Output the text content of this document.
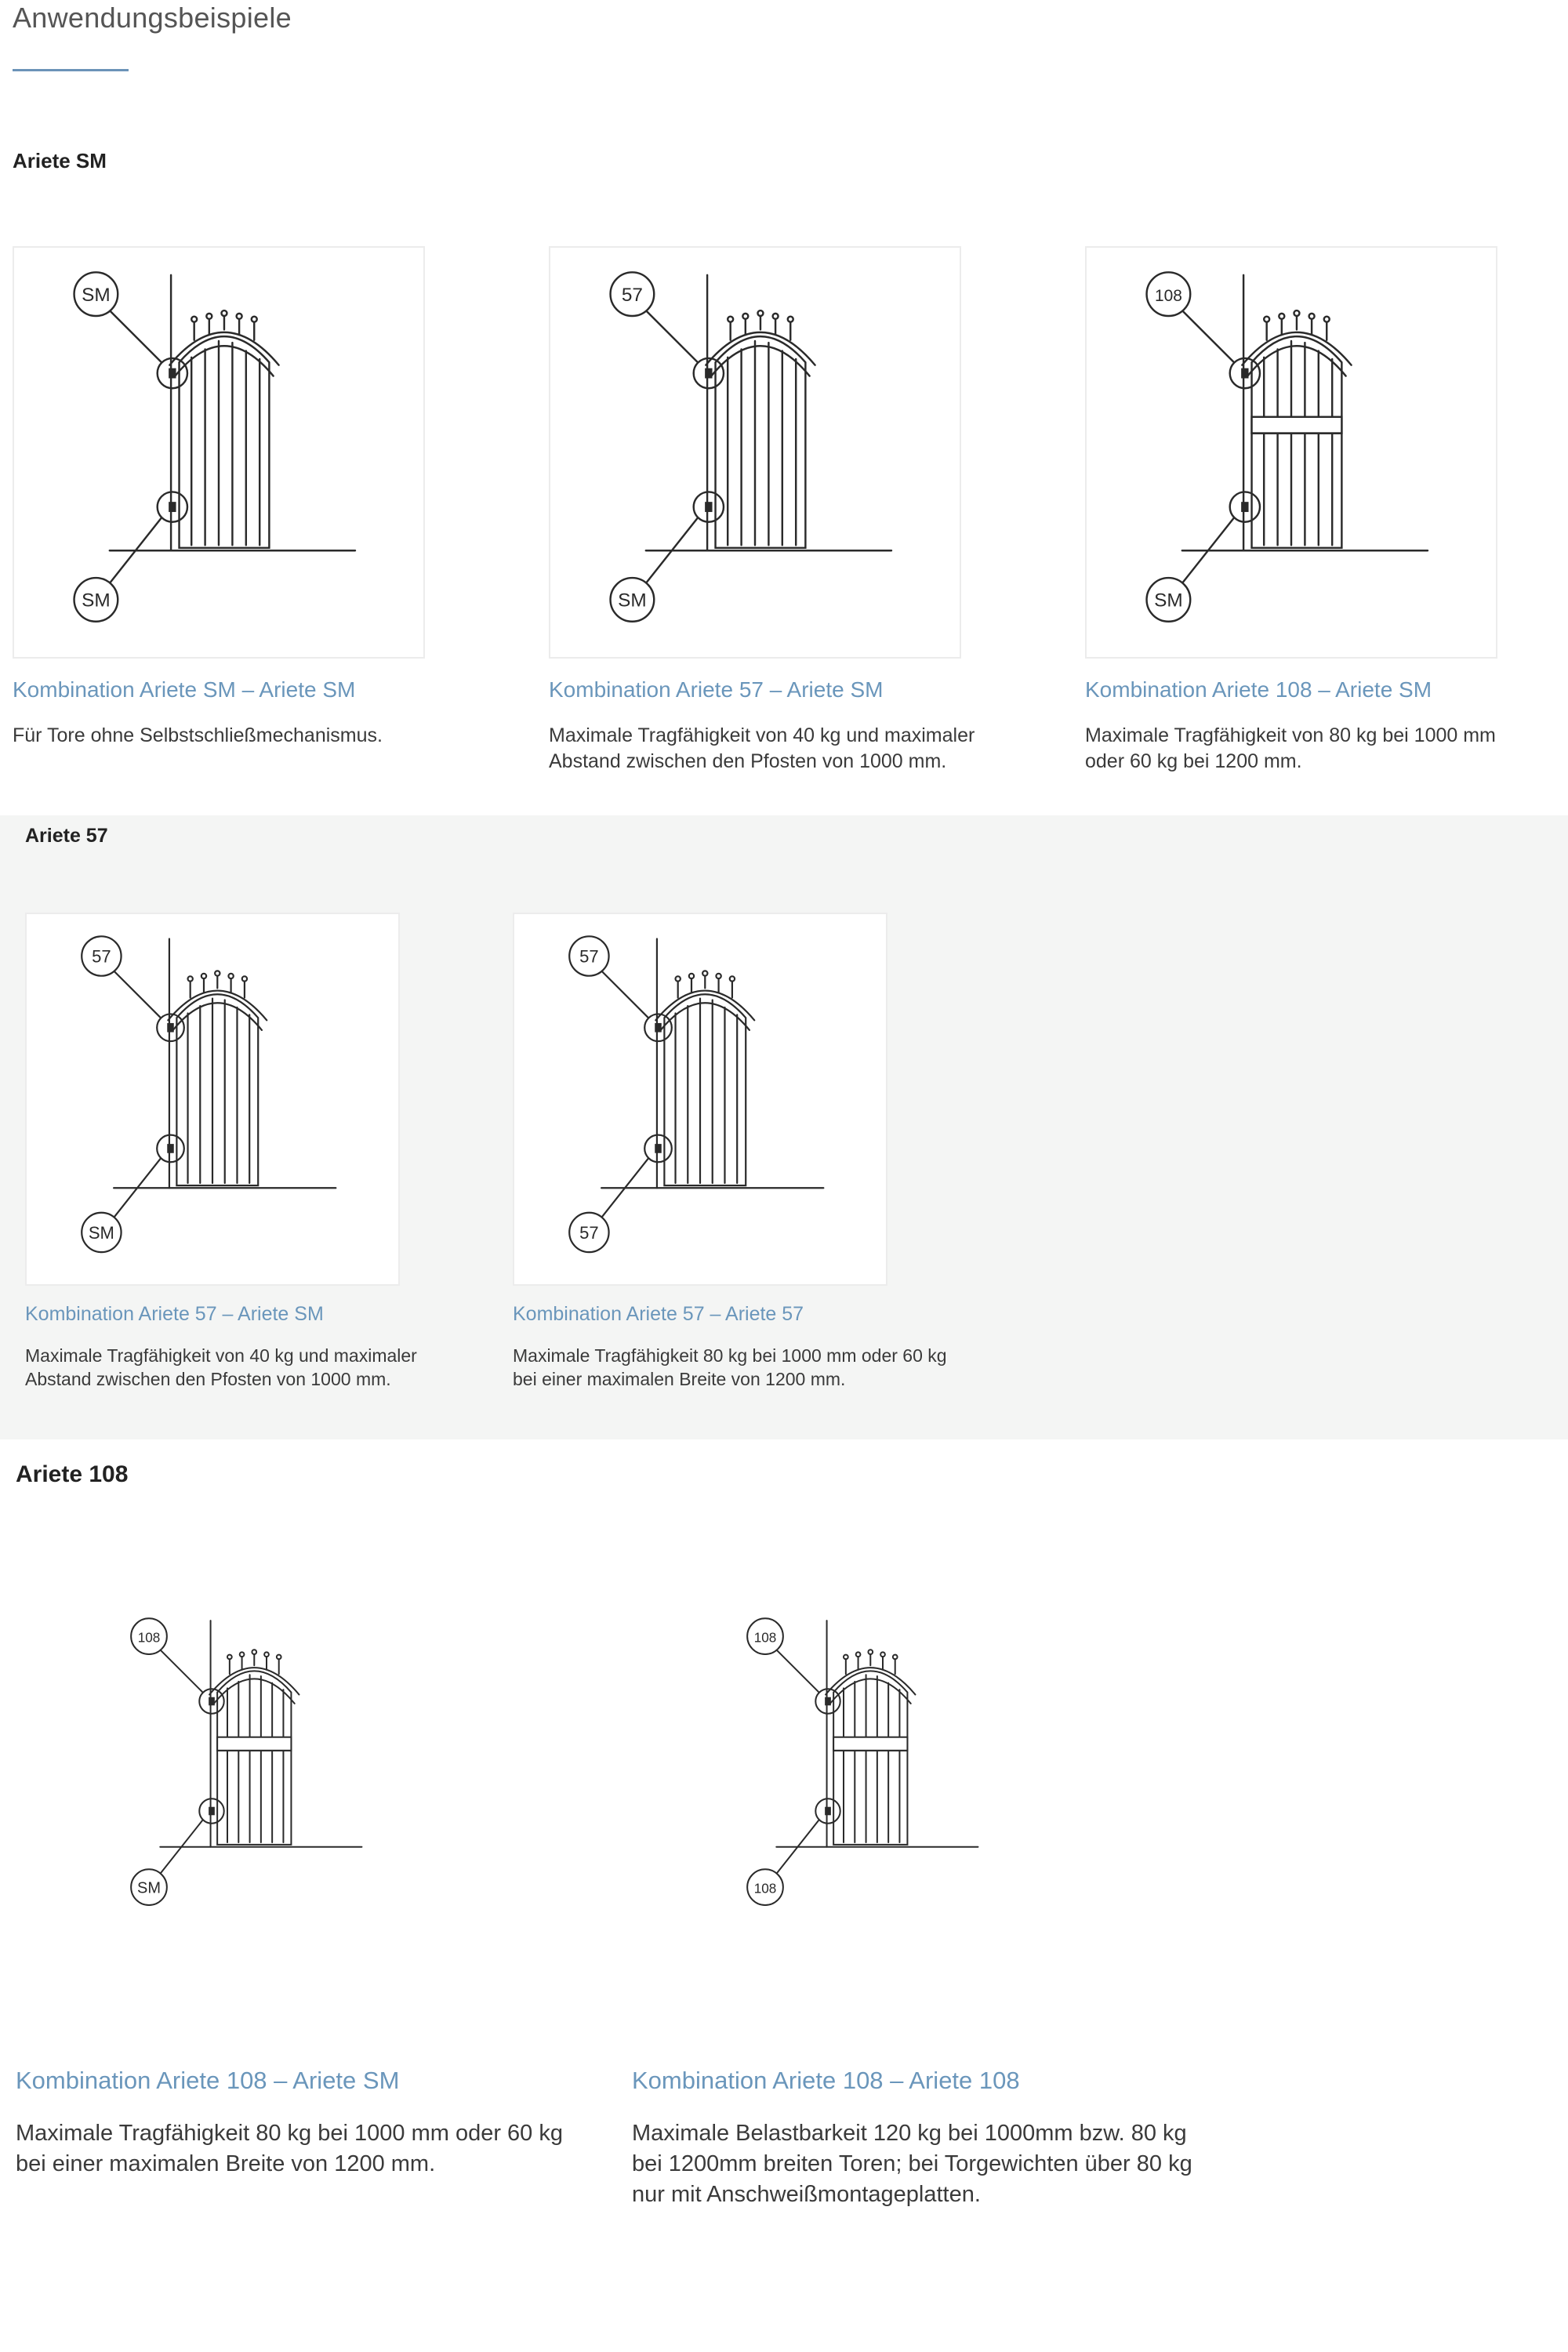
Anwendungsbeispiele
Ariete SM
SM
SM
Kombination Ariete SM – Ariete SM

Für Tore ohne Selbstschließmechanismus.

57
SM
Kombination Ariete 57 – Ariete SM

Maximale Tragfähigkeit von 40 kg und maximaler Abstand zwischen den Pfosten von 1000 mm.

108
SM
Kombination Ariete 108 – Ariete SM

Maximale Tragfähigkeit von 80 kg bei 1000 mm oder 60 kg bei 1200 mm.

Ariete 57
57
SM
Kombination Ariete 57 – Ariete SM

Maximale Tragfähigkeit von 40 kg und maximaler Abstand zwischen den Pfosten von 1000 mm.

57
57
Kombination Ariete 57 – Ariete 57

Maximale Tragfähigkeit 80 kg bei 1000 mm oder 60 kg bei einer maximalen Breite von 1200 mm.

Ariete 108
108
SM
Kombination Ariete 108 – Ariete SM

Maximale Tragfähigkeit 80 kg bei 1000 mm oder 60 kg bei einer maximalen Breite von 1200 mm.

108
108
Kombination Ariete 108 – Ariete 108

Maximale Belastbarkeit 120 kg bei 1000mm bzw. 80 kg bei 1200mm breiten Toren; bei Torgewichten über 80 kg nur mit Anschweißmontageplatten.
